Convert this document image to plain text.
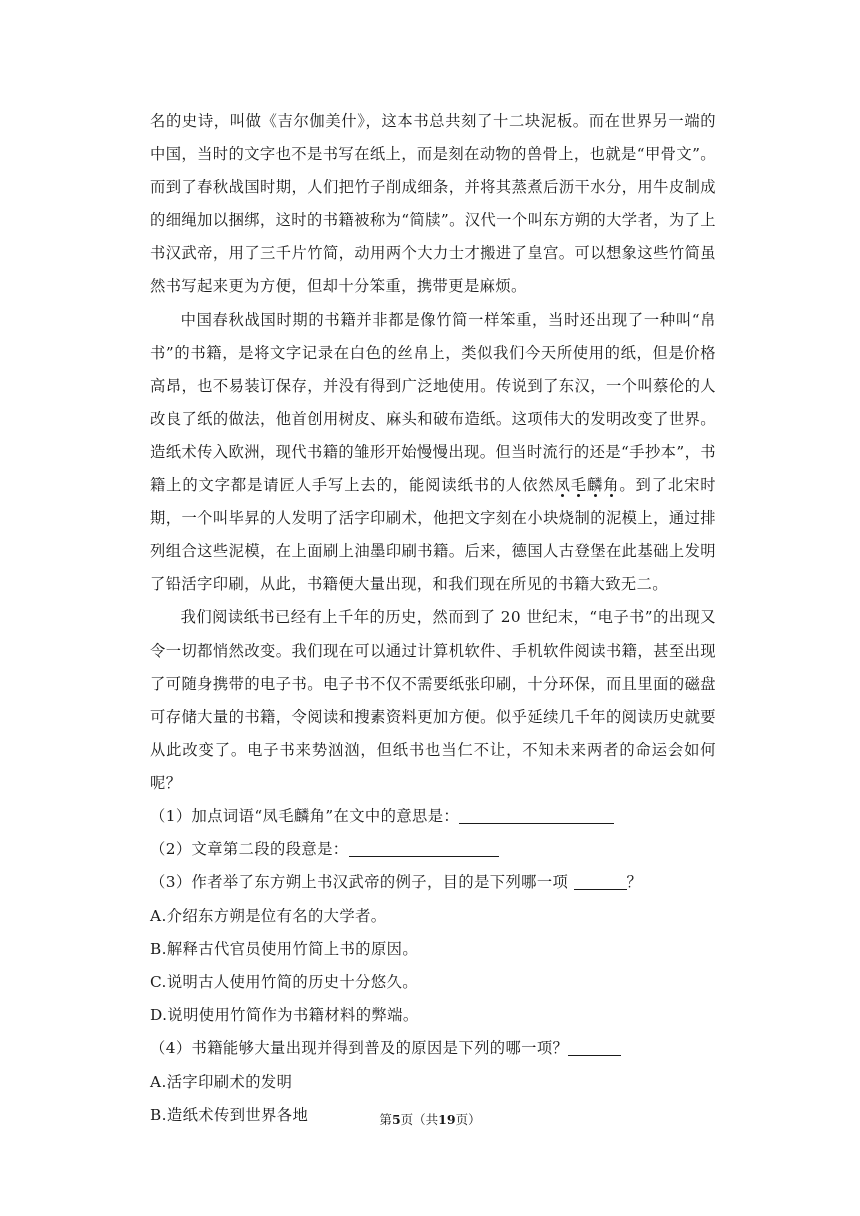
名的史诗，叫做《吉尔伽美什》，这本书总共刻了十二块泥板。而在世界另一端的中国，当时的文字也不是书写在纸上，而是刻在动物的兽骨上，也就是“甲骨文”。而到了春秋战国时期，人们把竹子削成细条，并将其蒸煮后沥干水分，用牛皮制成的细绳加以捆绑，这时的书籍被称为“简牍”。汉代一个叫东方朔的大学者，为了上书汉武帝，用了三千片竹简，动用两个大力士才搬进了皇宫。可以想象这些竹简虽然书写起来更为方便，但却十分笨重，携带更是麻烦。

中国春秋战国时期的书籍并非都是像竹简一样笨重，当时还出现了一种叫“帛书”的书籍，是将文字记录在白色的丝帛上，类似我们今天所使用的纸，但是价格高昂，也不易装订保存，并没有得到广泛地使用。传说到了东汉，一个叫蔡伦的人改良了纸的做法，他首创用树皮、麻头和破布造纸。这项伟大的发明改变了世界。造纸术传入欧洲，现代书籍的雏形开始慢慢出现。但当时流行的还是“手抄本”，书籍上的文字都是请匠人手写上去的，能阅读纸书的人依然凤毛麟角。到了北宋时期，一个叫毕昇的人发明了活字印刷术，他把文字刻在小块烧制的泥模上，通过排列组合这些泥模，在上面刷上油墨印刷书籍。后来，德国人古登堡在此基础上发明了铅活字印刷，从此，书籍便大量出现，和我们现在所见的书籍大致无二。

我们阅读纸书已经有上千年的历史，然而到了 20 世纪末，“电子书”的出现又令一切都悄然改变。我们现在可以通过计算机软件、手机软件阅读书籍，甚至出现了可随身携带的电子书。电子书不仅不需要纸张印刷，十分环保，而且里面的磁盘可存储大量的书籍，令阅读和搜素资料更加方便。似乎延续几千年的阅读历史就要从此改变了。电子书来势汹汹，但纸书也当仁不让，不知未来两者的命运会如何呢？

（1）加点词语“凤毛麟角”在文中的意思是：

（2）文章第二段的段意是：

（3）作者举了东方朔上书汉武帝的例子，目的是下列哪一项	？

A.介绍东方朔是位有名的大学者。

B.解释古代官员使用竹简上书的原因。

C.说明古人使用竹简的历史十分悠久。

D.说明使用竹简作为书籍材料的弊端。

（4）书籍能够大量出现并得到普及的原因是下列的哪一项？

A.活字印刷术的发明

B.造纸术传到世界各地	第5页（共19页）
